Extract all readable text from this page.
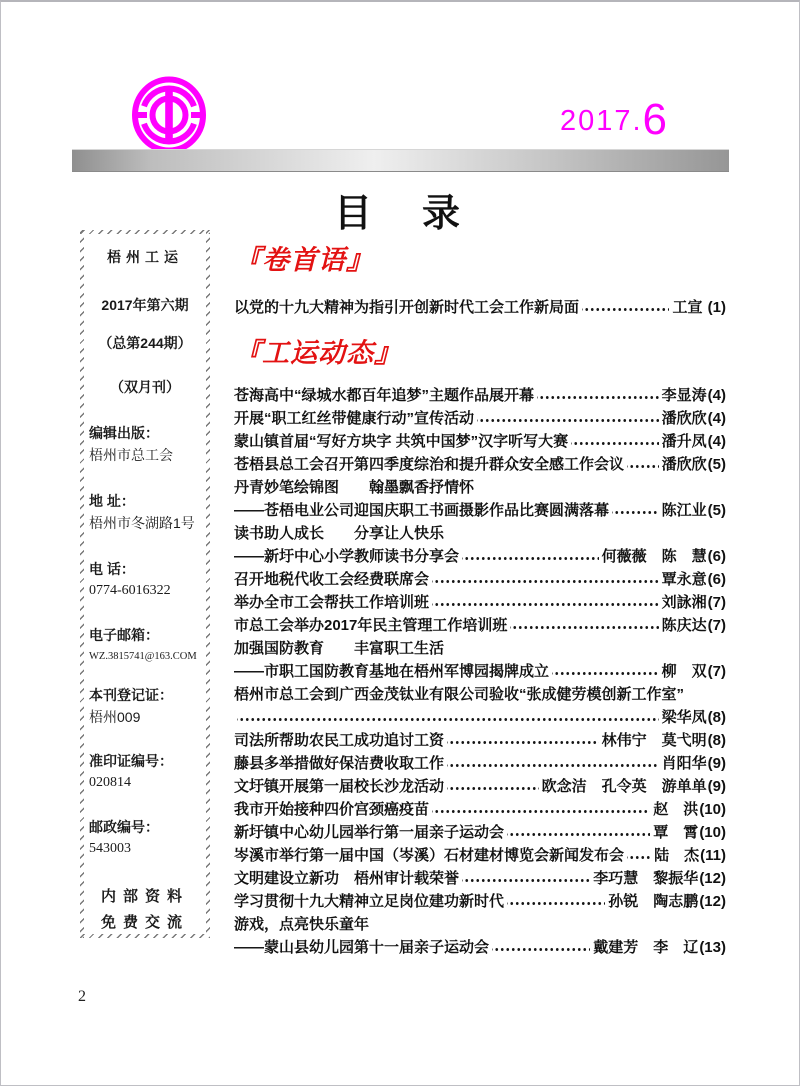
2017.6
目　录
梧州工运
2017年第六期
（总第244期）
（双月刊）
编辑出版：
梧州市总工会
地 址：
梧州市冬湖路1号
电 话：
0774-6016322
电子邮箱：
WZ.3815741@163.COM
本刊登记证：
梧州009
准印证编号：
020814
邮政编号：
543003
内部资料
免费交流
『卷首语』
以党的十九大精神为指引开创新时代工会工作新局面	工宣 (1)
『工运动态』
苍海高中“绿城水都百年追梦”主题作品展开幕	李显涛 (4)
开展“职工红丝带健康行动”宣传活动	潘欣欣 (4)
蒙山镇首届“写好方块字 共筑中国梦”汉字听写大赛	潘升凤 (4)
苍梧县总工会召开第四季度综治和提升群众安全感工作会议	潘欣欣 (5)
丹青妙笔绘锦图　　翰墨飘香抒情怀
——苍梧电业公司迎国庆职工书画摄影作品比赛圆满落幕	陈江业 (5)
读书助人成长　　分享让人快乐
——新圩中心小学教师读书分享会	何薇薇　陈　慧 (6)
召开地税代收工会经费联席会	覃永意 (6)
举办全市工会帮扶工作培训班	刘詠湘 (7)
市总工会举办2017年民主管理工作培训班	陈庆达 (7)
加强国防教育　　丰富职工生活
——市职工国防教育基地在梧州军博园揭牌成立	柳　双 (7)
梧州市总工会到广西金茂钛业有限公司验收“张成健劳模创新工作室”
梁华凤 (8)
司法所帮助农民工成功追讨工资	林伟宁　莫弋明 (8)
藤县多举措做好保洁费收取工作	肖阳华 (9)
文圩镇开展第一届校长沙龙活动	欧念洁　孔令英　游单单 (9)
我市开始接种四价宫颈癌疫苗	赵　洪 (10)
新圩镇中心幼儿园举行第一届亲子运动会	覃　霄 (10)
岑溪市举行第一届中国（岑溪）石材建材博览会新闻发布会 陆　杰 (11)
文明建设立新功　梧州审计载荣誉	李巧慧　黎振华 (12)
学习贯彻十九大精神立足岗位建功新时代	孙锐　陶志鹏 (12)
游戏，点亮快乐童年
——蒙山县幼儿园第十一届亲子运动会	戴建芳　李　辽 (13)
2
